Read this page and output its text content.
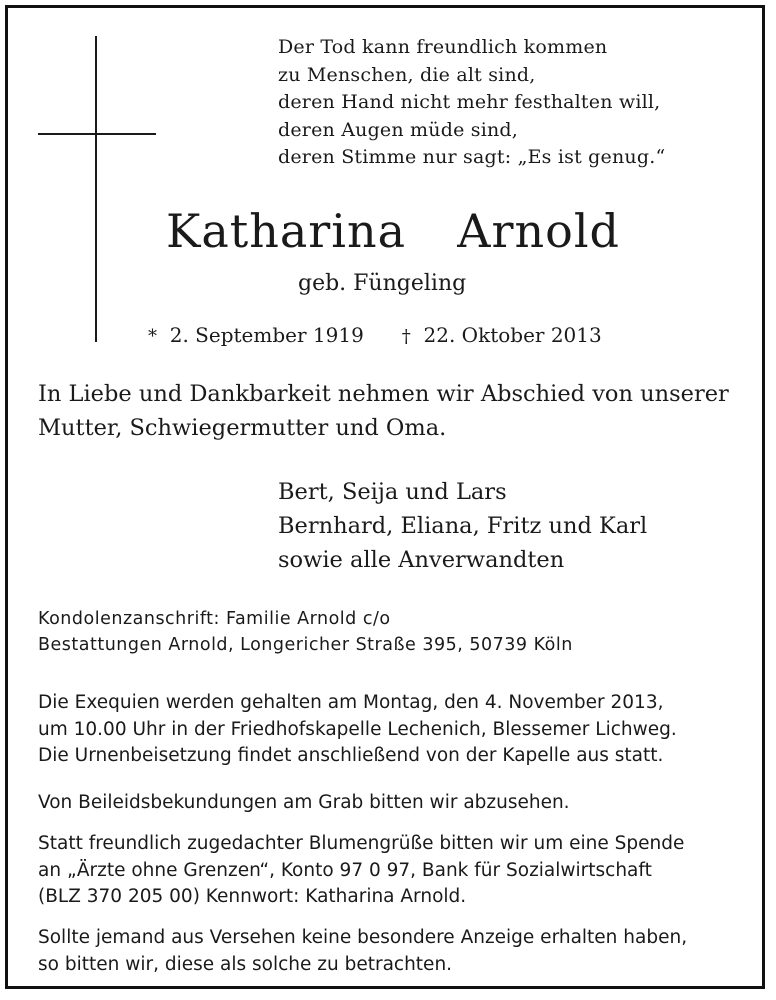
Der Tod kann freundlich kommen
zu Menschen, die alt sind,
deren Hand nicht mehr festhalten will,
deren Augen müde sind,
deren Stimme nur sagt: „Es ist genug.“
Katharina  Arnold
geb. Füngeling
* 2. September 1919 † 22. Oktober 2013
In Liebe und Dankbarkeit nehmen wir Abschied von unserer Mutter, Schwiegermutter und Oma.
Bert, Seija und Lars
Bernhard, Eliana, Fritz und Karl
sowie alle Anverwandten
Kondolenzanschrift: Familie Arnold c/o
Bestattungen Arnold, Longericher Straße 395, 50739 Köln
Die Exequien werden gehalten am Montag, den 4. November 2013,
um 10.00 Uhr in der Friedhofskapelle Lechenich, Blessemer Lichweg.
Die Urnenbeisetzung findet anschließend von der Kapelle aus statt.
Von Beileidsbekundungen am Grab bitten wir abzusehen.
Statt freundlich zugedachter Blumengrüße bitten wir um eine Spende
an „Ärzte ohne Grenzen“, Konto 97 0 97, Bank für Sozialwirtschaft
(BLZ 370 205 00) Kennwort: Katharina Arnold.
Sollte jemand aus Versehen keine besondere Anzeige erhalten haben,
so bitten wir, diese als solche zu betrachten.
